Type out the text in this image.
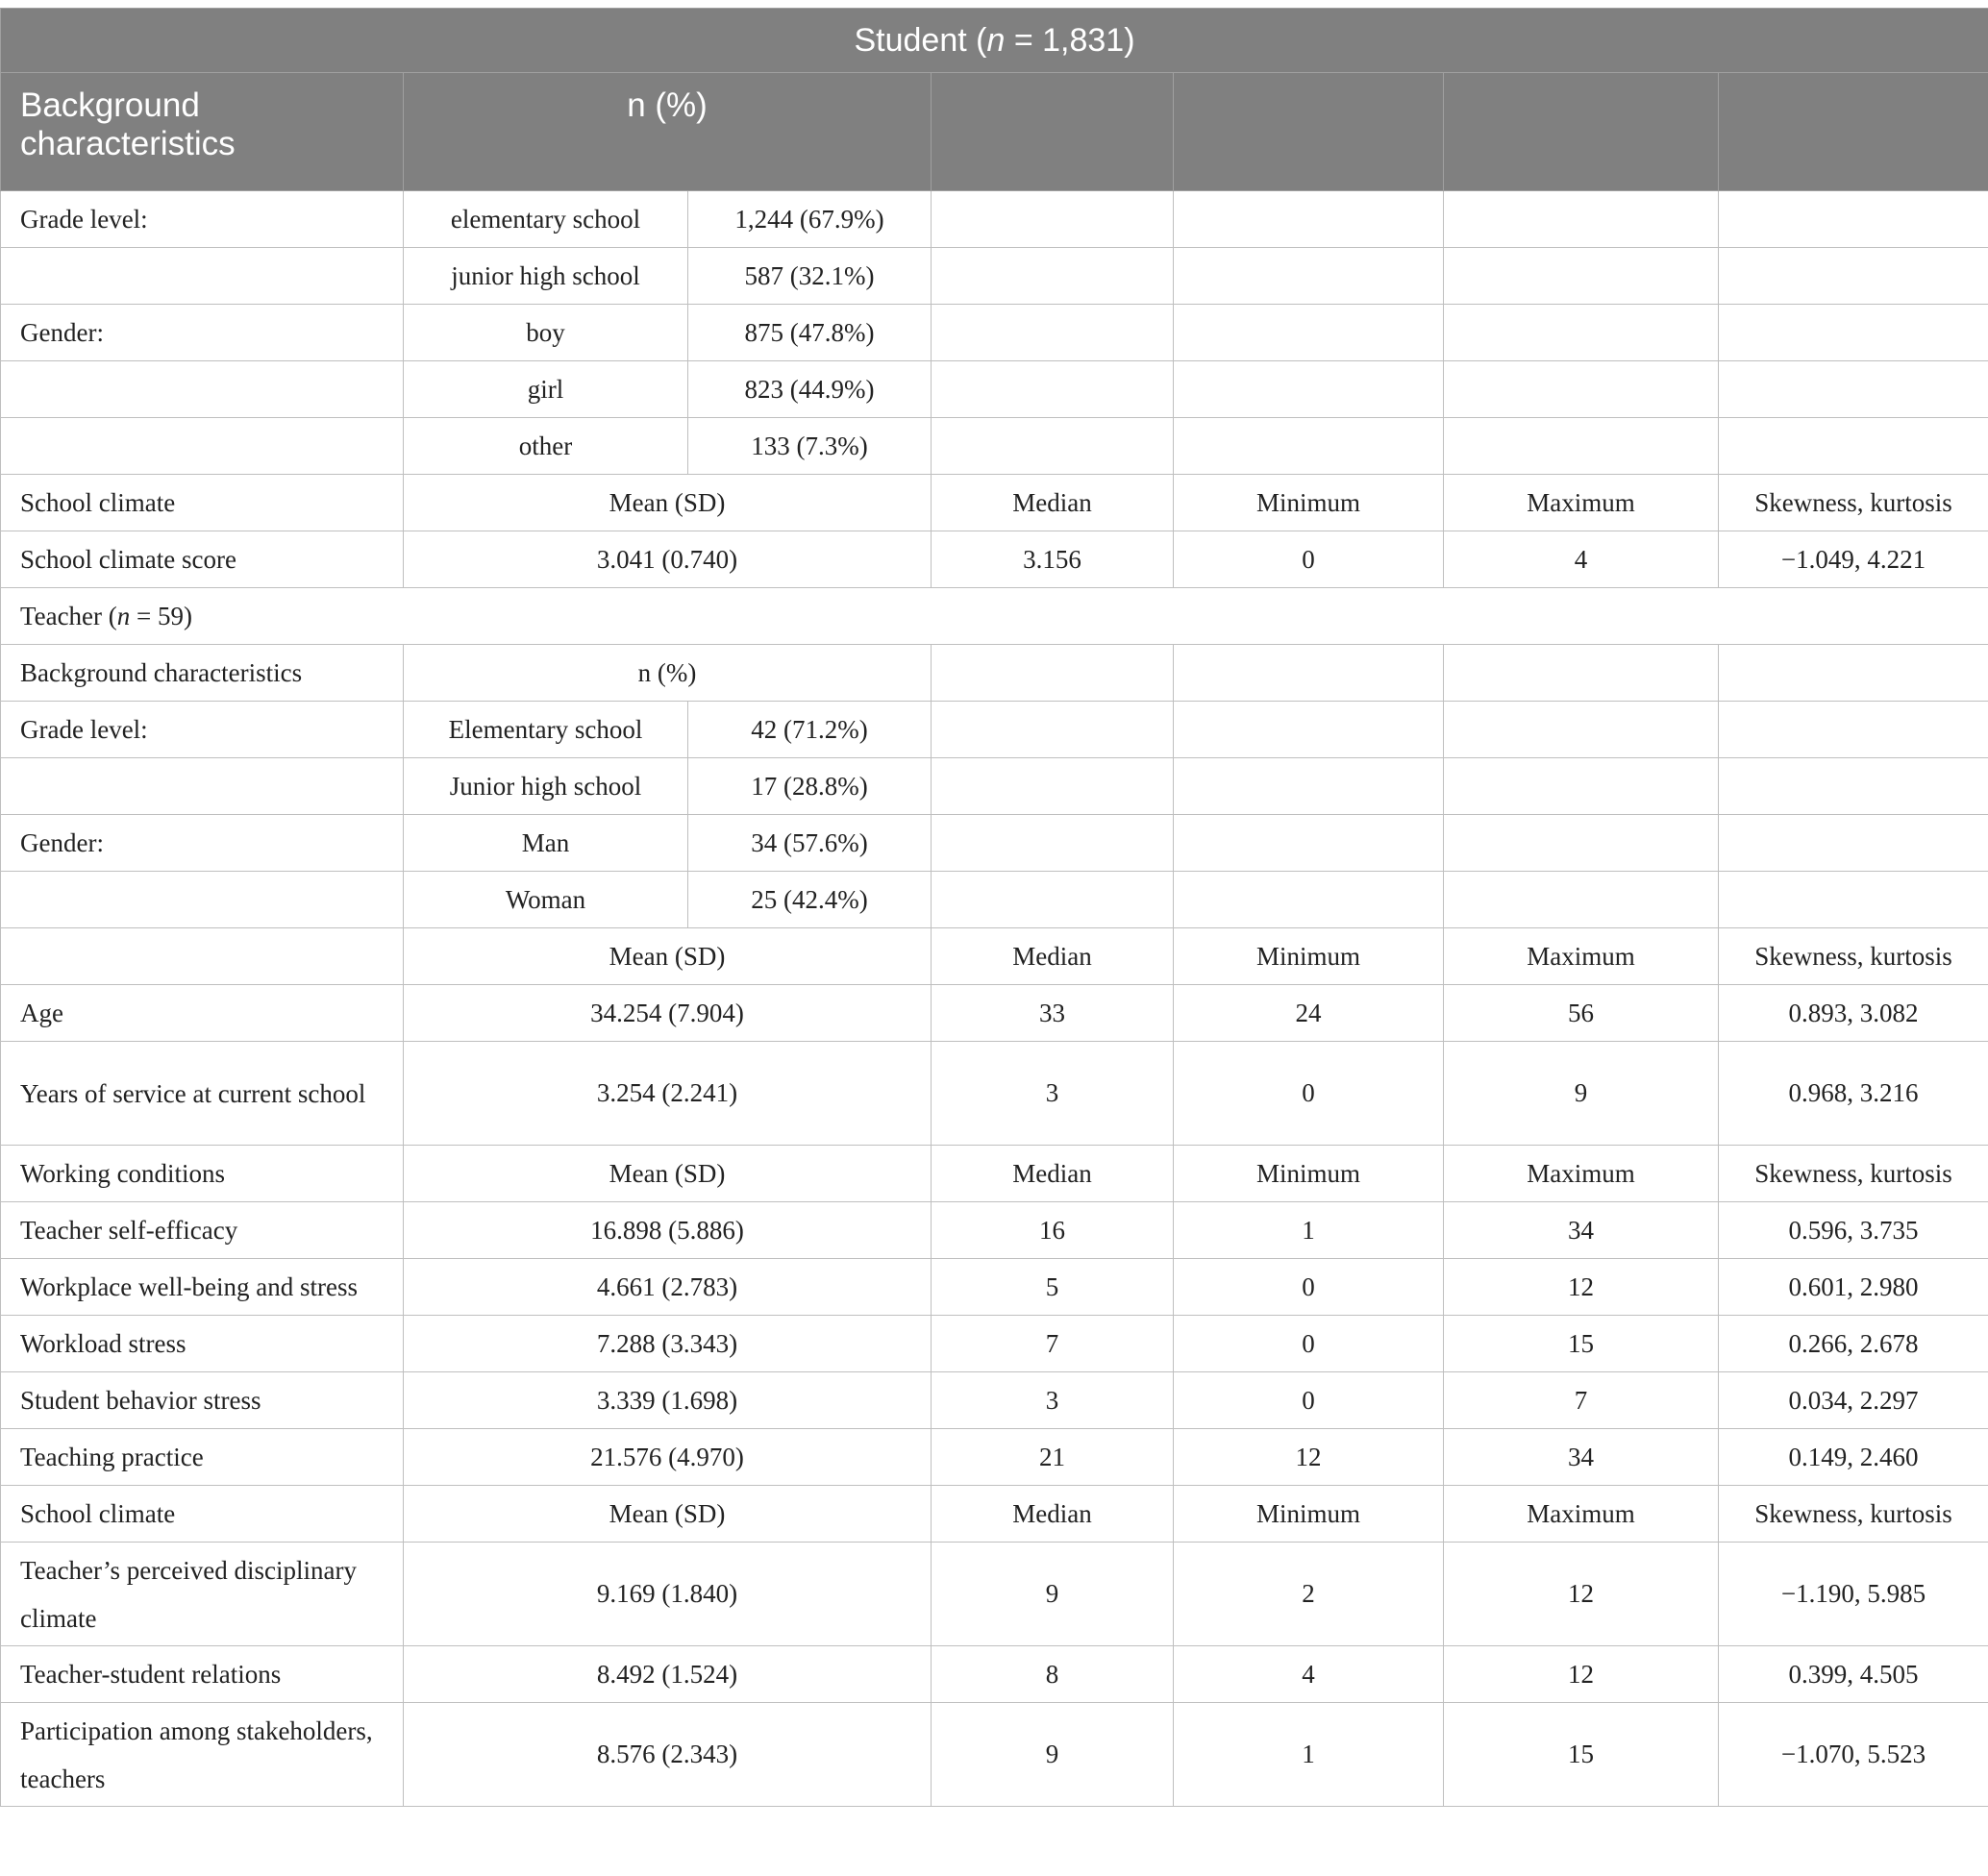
Student (n = 1,831)						
Background characteristics	n (%)					
Grade level:	elementary school	1,244 (67.9%)				
	junior high school	587 (32.1%)				
Gender:	boy	875 (47.8%)				
	girl	823 (44.9%)				
	other	133 (7.3%)				
School climate	Mean (SD)		Median	Minimum	Maximum	Skewness, kurtosis
School climate score	3.041 (0.740)		3.156	0	4	−1.049, 4.221
Teacher (n = 59)						
Background characteristics	n (%)					
Grade level:	Elementary school	42 (71.2%)				
	Junior high school	17 (28.8%)				
Gender:	Man	34 (57.6%)				
	Woman	25 (42.4%)				
	Mean (SD)		Median	Minimum	Maximum	Skewness, kurtosis
Age	34.254 (7.904)		33	24	56	0.893, 3.082
Years of service at current school	3.254 (2.241)		3	0	9	0.968, 3.216
Working conditions	Mean (SD)		Median	Minimum	Maximum	Skewness, kurtosis
Teacher self-efficacy	16.898 (5.886)		16	1	34	0.596, 3.735
Workplace well-being and stress	4.661 (2.783)		5	0	12	0.601, 2.980
Workload stress	7.288 (3.343)		7	0	15	0.266, 2.678
Student behavior stress	3.339 (1.698)		3	0	7	0.034, 2.297
Teaching practice	21.576 (4.970)		21	12	34	0.149, 2.460
School climate	Mean (SD)		Median	Minimum	Maximum	Skewness, kurtosis
Teacher’s perceived disciplinary climate	9.169 (1.840)		9	2	12	−1.190, 5.985
Teacher-student relations	8.492 (1.524)		8	4	12	0.399, 4.505
Participation among stakeholders, teachers	8.576 (2.343)		9	1	15	−1.070, 5.523
